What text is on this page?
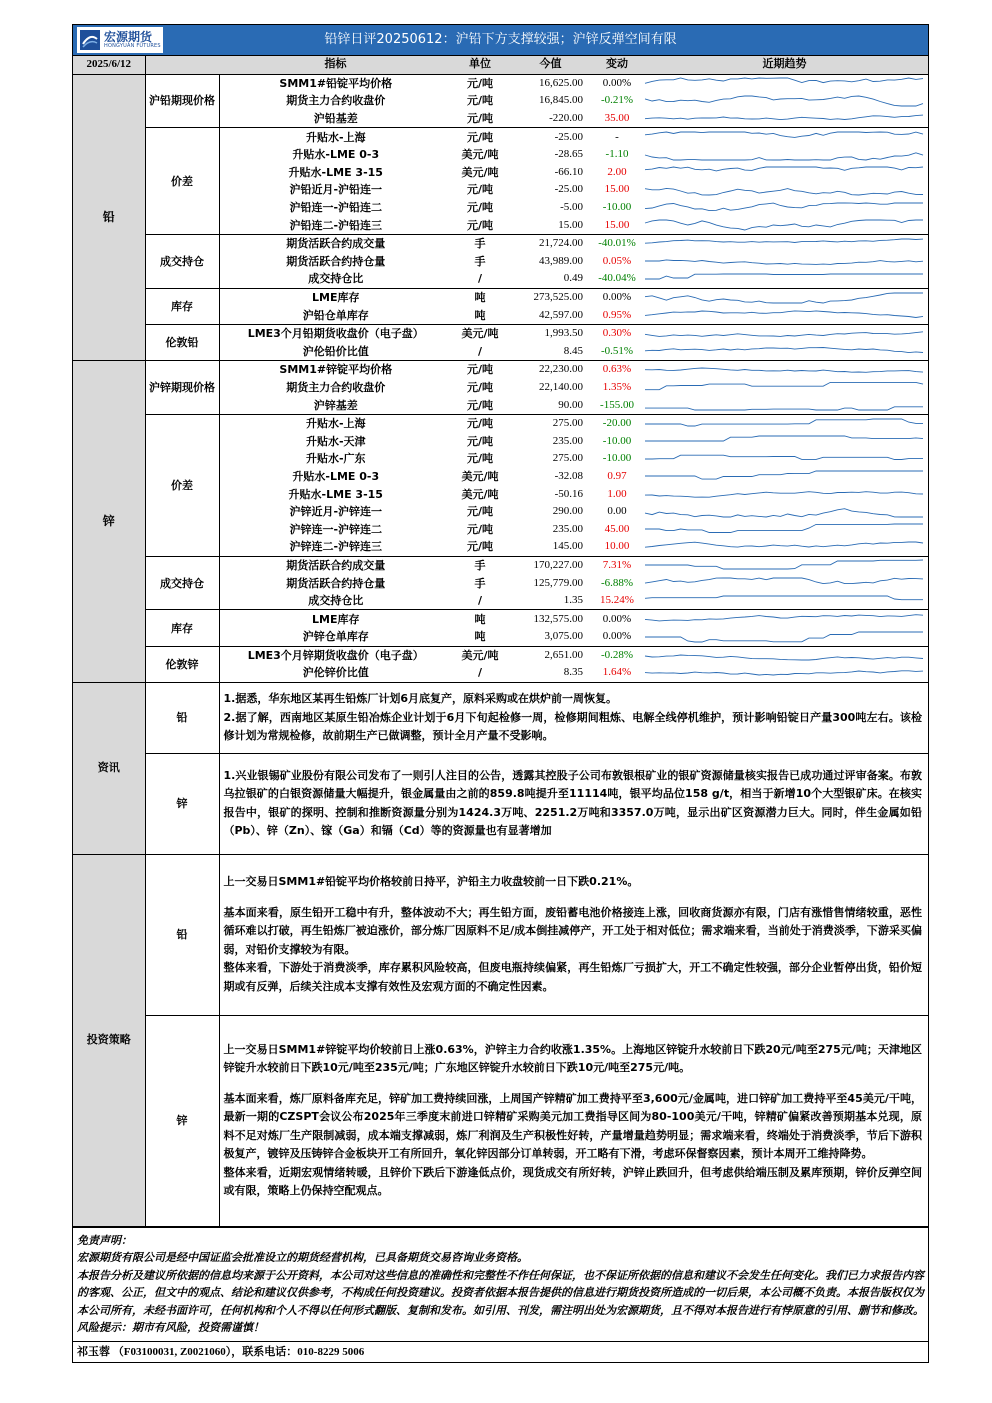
宏源期货
HONGYUAN FUTURES	铅锌日评20250612：沪铅下方支撑较强；沪锌反弹空间有限
2025/6/12		指标	单位	今值	变动	近期趋势
铅	沪铅期现价格	SMM1#铅锭平均价格	元/吨	16,625.00	0.00%	

		期货主力合约收盘价	元/吨	16,845.00	-0.21%	

		沪铅基差	元/吨	-220.00	35.00	

	价差	升贴水-上海	元/吨	-25.00	-	

		升贴水-LME 0-3	美元/吨	-28.65	-1.10	

		升贴水-LME 3-15	美元/吨	-66.10	2.00	

		沪铅近月-沪铅连一	元/吨	-25.00	15.00	

		沪铅连一-沪铅连二	元/吨	-5.00	-10.00	

		沪铅连二-沪铅连三	元/吨	15.00	15.00	

	成交持仓	期货活跃合约成交量	手	21,724.00	-40.01%	

		期货活跃合约持仓量	手	43,989.00	0.05%	

		成交持仓比	/	0.49	-40.04%	

	库存	LME库存	吨	273,525.00	0.00%	

		沪铅仓单库存	吨	42,597.00	0.95%	

	伦敦铅	LME3个月铅期货收盘价（电子盘）	美元/吨	1,993.50	0.30%	

		沪伦铅价比值	/	8.45	-0.51%	

锌	沪锌期现价格	SMM1#锌锭平均价格	元/吨	22,230.00	0.63%	

		期货主力合约收盘价	元/吨	22,140.00	1.35%	

		沪锌基差	元/吨	90.00	-155.00	

	价差	升贴水-上海	元/吨	275.00	-20.00	

		升贴水-天津	元/吨	235.00	-10.00	

		升贴水-广东	元/吨	275.00	-10.00	

		升贴水-LME 0-3	美元/吨	-32.08	0.97	

		升贴水-LME 3-15	美元/吨	-50.16	1.00	

		沪锌近月-沪锌连一	元/吨	290.00	0.00	

		沪锌连一-沪锌连二	元/吨	235.00	45.00	

		沪锌连二-沪锌连三	元/吨	145.00	10.00	

	成交持仓	期货活跃合约成交量	手	170,227.00	7.31%	

		期货活跃合约持仓量	手	125,779.00	-6.88%	

		成交持仓比	/	1.35	15.24%	

	库存	LME库存	吨	132,575.00	0.00%	

		沪锌仓单库存	吨	3,075.00	0.00%	

	伦敦锌	LME3个月锌期货收盘价（电子盘）	美元/吨	2,651.00	-0.28%	

		沪伦锌价比值	/	8.35	1.64%	
资讯	铅	1.据悉，华东地区某再生铅炼厂计划6月底复产，原料采购或在烘炉前一周恢复。
2.据了解，西南地区某原生铅冶炼企业计划于6月下旬起检修一周，检修期间粗炼、电解全线停机维护，预计影响铅锭日产量300吨左右。该检修计划为常规检修，故前期生产已做调整，预计全月产量不受影响。

	锌	1.兴业银锡矿业股份有限公司发布了一则引人注目的公告，透露其控股子公司布敦银根矿业的银矿资源储量核实报告已成功通过评审备案。布敦乌拉银矿的白银资源储量大幅提升，银金属量由之前的859.8吨提升至11114吨，银平均品位158 g/t，相当于新增10个大型银矿床。在核实报告中，银矿的探明、控制和推断资源量分别为1424.3万吨、2251.2万吨和3357.0万吨，显示出矿区资源潜力巨大。同时，伴生金属如铅（Pb）、锌（Zn）、镓（Ga）和镉（Cd）等的资源量也有显著增加
投资策略	铅	上一交易日SMM1#铅锭平均价格较前日持平，沪铅主力收盘较前一日下跌0.21%。
基本面来看，原生铅开工稳中有升，整体波动不大；再生铅方面，废铅蓄电池价格接连上涨，回收商货源亦有限，门店有涨惜售情绪较重，恶性循环难以打破，再生铅炼厂被迫涨价，部分炼厂因原料不足/成本倒挂减停产，开工处于相对低位；需求端来看，当前处于消费淡季，下游采买偏弱，对铅价支撑较为有限。
整体来看，下游处于消费淡季，库存累积风险较高，但废电瓶持续偏紧，再生铅炼厂亏损扩大，开工不确定性较强，部分企业暂停出货，铅价短期或有反弹，后续关注成本支撑有效性及宏观方面的不确定性因素。

	锌	上一交易日SMM1#锌锭平均价较前日上涨0.63%，沪锌主力合约收涨1.35%。上海地区锌锭升水较前日下跌20元/吨至275元/吨；天津地区锌锭升水较前日下跌10元/吨至235元/吨；广东地区锌锭升水较前日下跌10元/吨至275元/吨。
基本面来看，炼厂原料备库充足，锌矿加工费持续回涨，上周国产锌精矿加工费持平至3,600元/金属吨，进口锌矿加工费持平至45美元/干吨，最新一期的CZSPT会议公布2025年三季度末前进口锌精矿采购美元加工费指导区间为80-100美元/干吨，锌精矿偏紧改善预期基本兑现，原料不足对炼厂生产限制减弱，成本端支撑减弱，炼厂利润及生产积极性好转，产量增量趋势明显；需求端来看，终端处于消费淡季，节后下游积极复产，镀锌及压铸锌合金板块开工有所回升，氧化锌因部分订单转弱，开工略有下滑，考虑环保督察因素，预计本周开工维持降势。
整体来看，近期宏观情绪转暖，且锌价下跌后下游逢低点价，现货成交有所好转，沪锌止跌回升，但考虑供给端压制及累库预期，锌价反弹空间或有限，策略上仍保持空配观点。
免责声明：
宏源期货有限公司是经中国证监会批准设立的期货经营机构，已具备期货交易咨询业务资格。
本报告分析及建议所依据的信息均来源于公开资料，本公司对这些信息的准确性和完整性不作任何保证，也不保证所依据的信息和建议不会发生任何变化。我们已力求报告内容的客观、公正，但文中的观点、结论和建议仅供参考，不构成任何投资建议。投资者依据本报告提供的信息进行期货投资所造成的一切后果，本公司概不负责。本报告版权仅为本公司所有，未经书面许可，任何机构和个人不得以任何形式翻版、复制和发布。如引用、刊发，需注明出处为宏源期货，且不得对本报告进行有悖原意的引用、删节和修改。
风险提示：期市有风险，投资需谨慎！
祁玉蓉 （F03100031, Z0021060），联系电话：010-8229 5006
